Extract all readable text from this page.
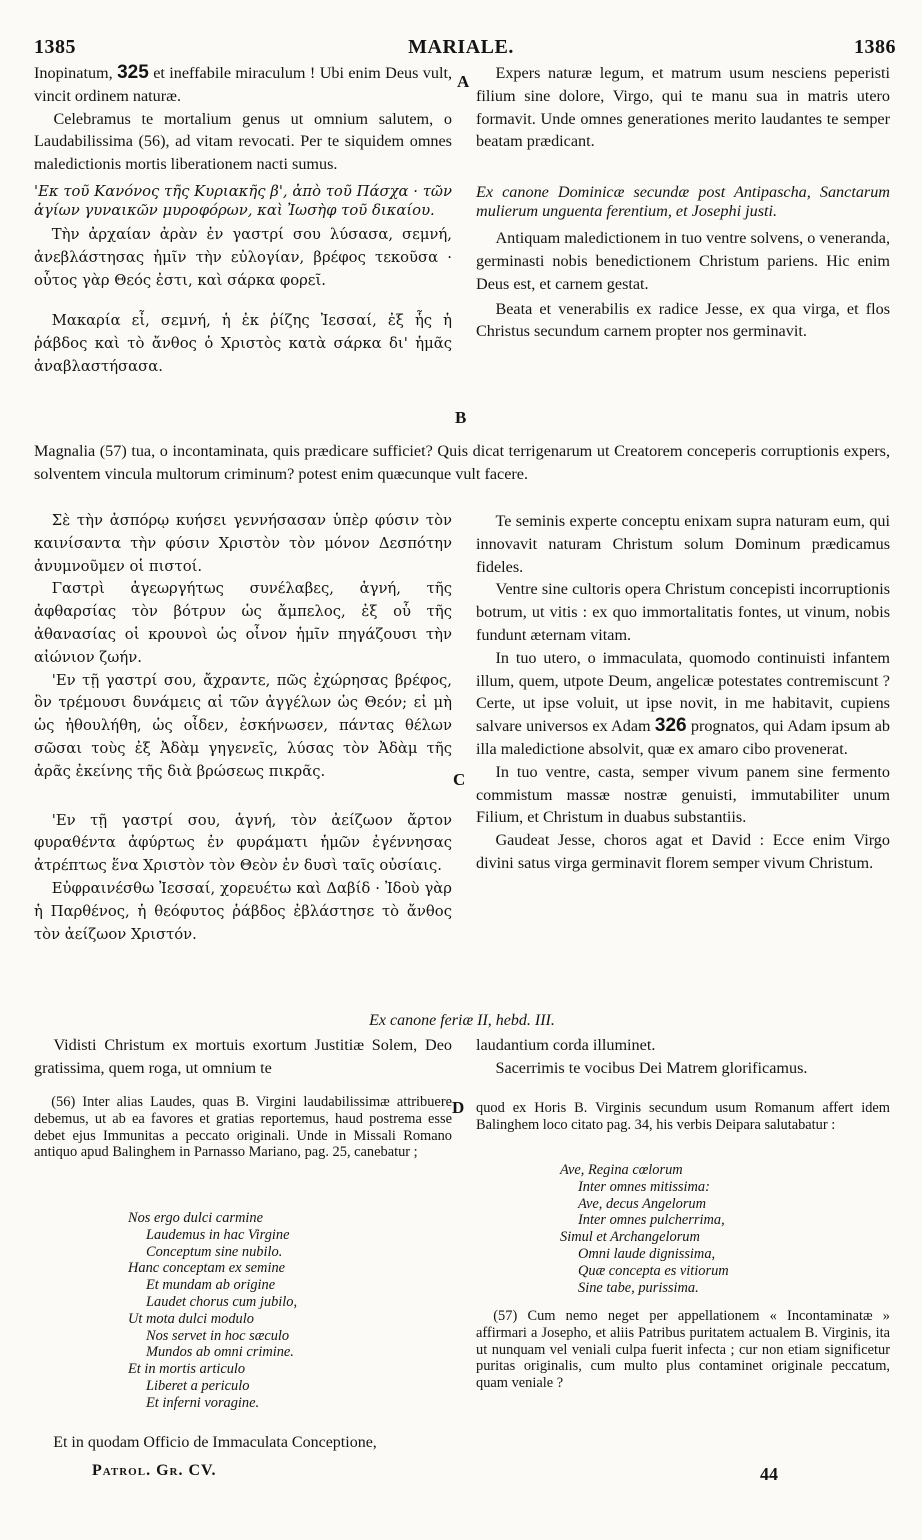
1385	MARIALE.	1386
A
B
C
D

Inopinatum, 325 et ineffabile miraculum ! Ubi enim Deus vult, vincit ordinem naturæ.

Celebramus te mortalium genus ut omnium salutem, o Laudabilissima (56), ad vitam revocati. Per te siquidem omnes maledictionis mortis liberationem nacti sumus.

'Εκ τοῦ Κανόνος τῆς Κυριακῆς β', ἀπὸ τοῦ Πάσχα · τῶν ἁγίων γυναικῶν μυροφόρων, καὶ Ἰωσὴφ τοῦ δικαίου.

Τὴν ἀρχαίαν ἀρὰν ἐν γαστρί σου λύσασα, σεμνή, ἀνεβλάστησας ἡμῖν τὴν εὐλογίαν, βρέφος τεκοῦσα · οὗτος γὰρ Θεός ἐστι, καὶ σάρκα φορεῖ.

Μακαρία εἶ, σεμνή, ἡ ἐκ ῥίζης Ἰεσσαί, ἐξ ἧς ἡ ῥάβδος καὶ τὸ ἄνθος ὁ Χριστὸς κατὰ σάρκα δι' ἡμᾶς ἀναβλαστήσασα.

Expers naturæ legum, et matrum usum nesciens peperisti filium sine dolore, Virgo, qui te manu sua in matris utero formavit. Unde omnes generationes merito laudantes te semper beatam prædicant.

Ex canone Dominicæ secundæ post Antipascha, Sanctarum mulierum unguenta ferentium, et Josephi justi.

Antiquam maledictionem in tuo ventre solvens, o veneranda, germinasti nobis benedictionem Christum pariens. Hic enim Deus est, et carnem gestat.

Beata et venerabilis ex radice Jesse, ex qua virga, et flos Christus secundum carnem propter nos germinavit.

Magnalia (57) tua, o incontaminata, quis prædicare sufficiet? Quis dicat terrigenarum ut Creatorem conceperis corruptionis expers, solventem vincula multorum criminum? potest enim quæcunque vult facere.

Σὲ τὴν ἀσπόρῳ κυήσει γεννήσασαν ὑπὲρ φύσιν τὸν καινίσαντα τὴν φύσιν Χριστὸν τὸν μόνον Δεσπότην ἀνυμνοῦμεν οἱ πιστοί.

Γαστρὶ ἀγεωργήτως συνέλαβες, ἁγνή, τῆς ἀφθαρσίας τὸν βότρυν ὡς ἄμπελος, ἐξ οὗ τῆς ἀθανασίας οἱ κρουνοὶ ὡς οἶνον ἡμῖν πηγάζουσι τὴν αἰώνιον ζωήν.

'Εν τῇ γαστρί σου, ἄχραντε, πῶς ἐχώρησας βρέφος, ὃν τρέμουσι δυνάμεις αἱ τῶν ἀγγέλων ὡς Θεόν; εἰ μὴ ὡς ἠθουλήθη, ὡς οἶδεν, ἐσκήνωσεν, πάντας θέλων σῶσαι τοὺς ἐξ Ἀδὰμ γηγενεῖς, λύσας τὸν Ἀδὰμ τῆς ἀρᾶς ἐκείνης τῆς διὰ βρώσεως πικρᾶς.

'Εν τῇ γαστρί σου, ἁγνή, τὸν ἀείζωον ἄρτον φυραθέντα ἀφύρτως ἐν φυράματι ἡμῶν ἐγέννησας ἀτρέπτως ἕνα Χριστὸν τὸν Θεὸν ἐν δυσὶ ταῖς οὐσίαις.

Εὐφραινέσθω Ἰεσσαί, χορευέτω καὶ Δαβίδ · Ἰδοὺ γὰρ ἡ Παρθένος, ἡ θεόφυτος ῥάβδος ἐβλάστησε τὸ ἄνθος τὸν ἀείζωον Χριστόν.

Te seminis experte conceptu enixam supra naturam eum, qui innovavit naturam Christum solum Dominum prædicamus fideles.

Ventre sine cultoris opera Christum concepisti incorruptionis botrum, ut vitis : ex quo immortalitatis fontes, ut vinum, nobis fundunt æternam vitam.

In tuo utero, o immaculata, quomodo continuisti infantem illum, quem, utpote Deum, angelicæ potestates contremiscunt ? Certe, ut ipse voluit, ut ipse novit, in me habitavit, cupiens salvare universos ex Adam 326 prognatos, qui Adam ipsum ab illa maledictione absolvit, quæ ex amaro cibo provenerat.

In tuo ventre, casta, semper vivum panem sine fermento commistum massæ nostræ genuisti, immutabiliter unum Filium, et Christum in duabus substantiis.

Gaudeat Jesse, choros agat et David : Ecce enim Virgo divini satus virga germinavit florem semper vivum Christum.

Ex canone feriæ II, hebd. III.

Vidisti Christum ex mortuis exortum Justitiæ Solem, Deo gratissima, quem roga, ut omnium te

laudantium corda illuminet.

Sacerrimis te vocibus Dei Matrem glorificamus.

(56) Inter alias Laudes, quas B. Virgini laudabilissimæ attribuere debemus, ut ab ea favores et gratias reportemus, haud postrema esse debet ejus Immunitas a peccato originali. Unde in Missali Romano antiquo apud Balinghem in Parnasso Mariano, pag. 25, canebatur ;

Nos ergo dulci carmine
Laudemus in hac Virgine
Conceptum sine nubilo.
Hanc conceptam ex semine
Et mundam ab origine
Laudet chorus cum jubilo,
Ut mota dulci modulo
Nos servet in hoc sæculo
Mundos ab omni crimine.
Et in mortis articulo
Liberet a periculo
Et inferni voragine.

Et in quodam Officio de Immaculata Conceptione,

Patrol. Gr. CV.

quod ex Horis B. Virginis secundum usum Romanum affert idem Balinghem loco citato pag. 34, his verbis Deipara salutabatur :

Ave, Regina cœlorum
Inter omnes mitissima:
Ave, decus Angelorum
Inter omnes pulcherrima,
Simul et Archangelorum
Omni laude dignissima,
Quæ concepta es vitiorum
Sine tabe, purissima.

(57) Cum nemo neget per appellationem « Incontaminatæ » affirmari a Josepho, et aliis Patribus puritatem actualem B. Virginis, ita ut nunquam vel veniali culpa fuerit infecta ; cur non etiam significetur puritas originalis, cum multo plus contaminet originale peccatum, quam veniale ?

44
